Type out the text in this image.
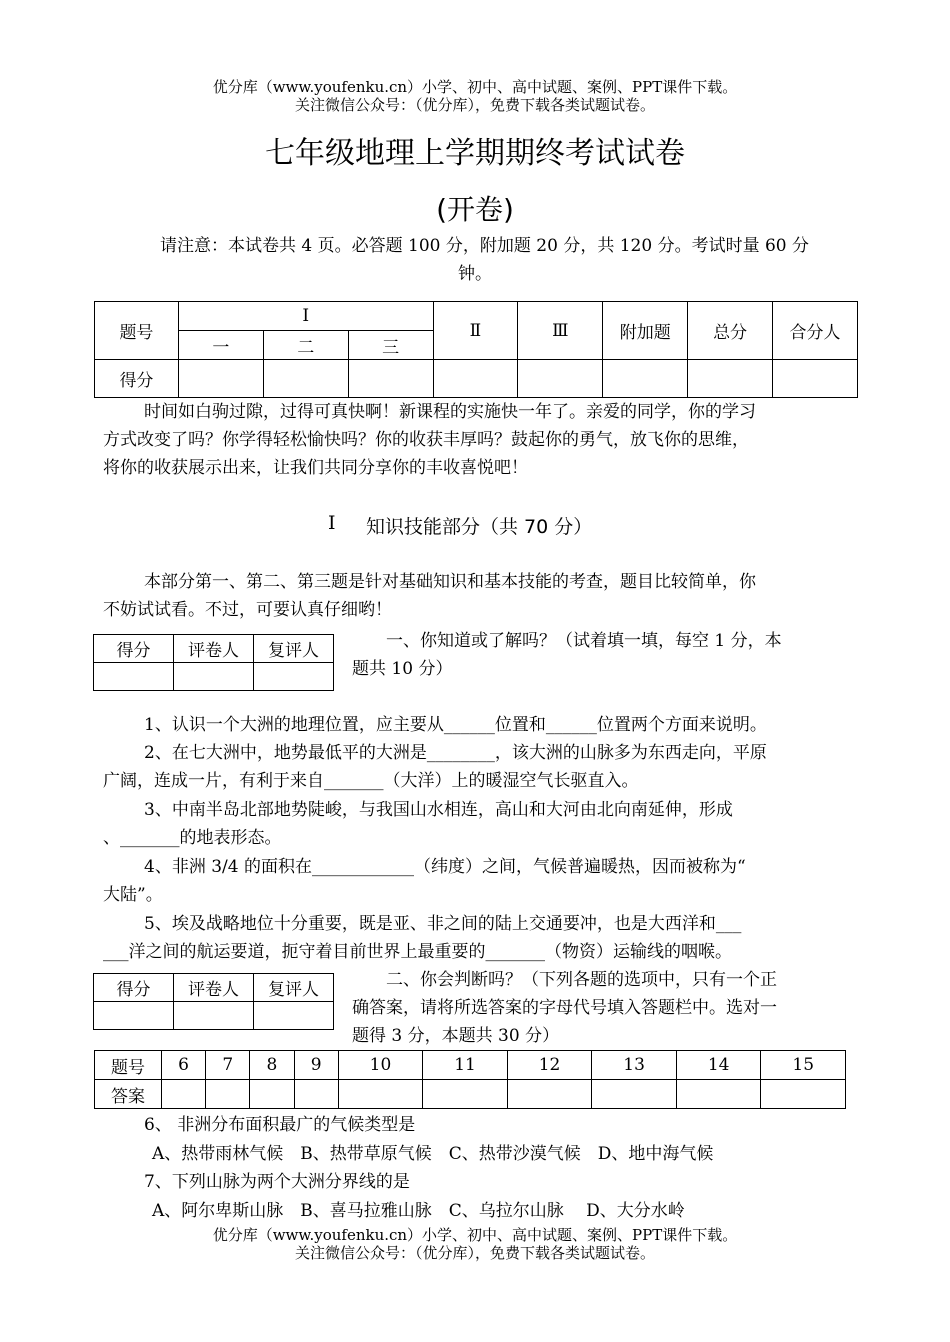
优分库（www.youfenku.cn）小学、初中、高中试题、案例、PPT课件下载。
关注微信公众号：（优分库），免费下载各类试题试卷。
七年级地理上学期期终考试试卷
(开卷)
请注意：本试卷共 4 页。必答题 100 分，附加题 20 分，共 120 分。考试时量 60 分
钟。
题号	I			Ⅱ	Ⅲ	附加题	总分	合分人
	一	二	三					
得分								
时间如白驹过隙，过得可真快啊！新课程的实施快一年了。亲爱的同学，你的学习
方式改变了吗？你学得轻松愉快吗？你的收获丰厚吗？鼓起你的勇气，放飞你的思维，
将你的收获展示出来，让我们共同分享你的丰收喜悦吧！
I 知识技能部分（共 70 分）
本部分第一、第二、第三题是针对基础知识和基本技能的考查，题目比较简单，你
不妨试试看。不过，可要认真仔细哟！
得分	评卷人	复评人
			一、你知道或了解吗？（试着填一填，每空 1 分，本
题共 10 分）
1、认识一个大洲的地理位置，应主要从______位置和______位置两个方面来说明。
2、在七大洲中，地势最低平的大洲是________，该大洲的山脉多为东西走向，平原
广阔，连成一片，有利于来自_______（大洋）上的暖湿空气长驱直入。
3、中南半岛北部地势陡峻，与我国山水相连，高山和大河由北向南延伸，形成
、_______的地表形态。
4、非洲 3/4 的面积在____________（纬度）之间，气候普遍暖热，因而被称为“
大陆”。
5、埃及战略地位十分重要，既是亚、非之间的陆上交通要冲，也是大西洋和___
___洋之间的航运要道，扼守着目前世界上最重要的_______（物资）运输线的咽喉。
得分	评卷人	复评人
			二、你会判断吗？（下列各题的选项中，只有一个正
确答案，请将所选答案的字母代号填入答题栏中。选对一
题得 3 分，本题共 30 分）
题号	6	7	8	9	10	11	12	13	14	15
答案										
6、 非洲分布面积最广的气候类型是
A、热带雨林气候　B、热带草原气候　C、热带沙漠气候　D、地中海气候
7、下列山脉为两个大洲分界线的是
A、阿尔卑斯山脉　B、喜马拉雅山脉　C、乌拉尔山脉　 D、大分水岭
优分库（www.youfenku.cn）小学、初中、高中试题、案例、PPT课件下载。
关注微信公众号：（优分库），免费下载各类试题试卷。
